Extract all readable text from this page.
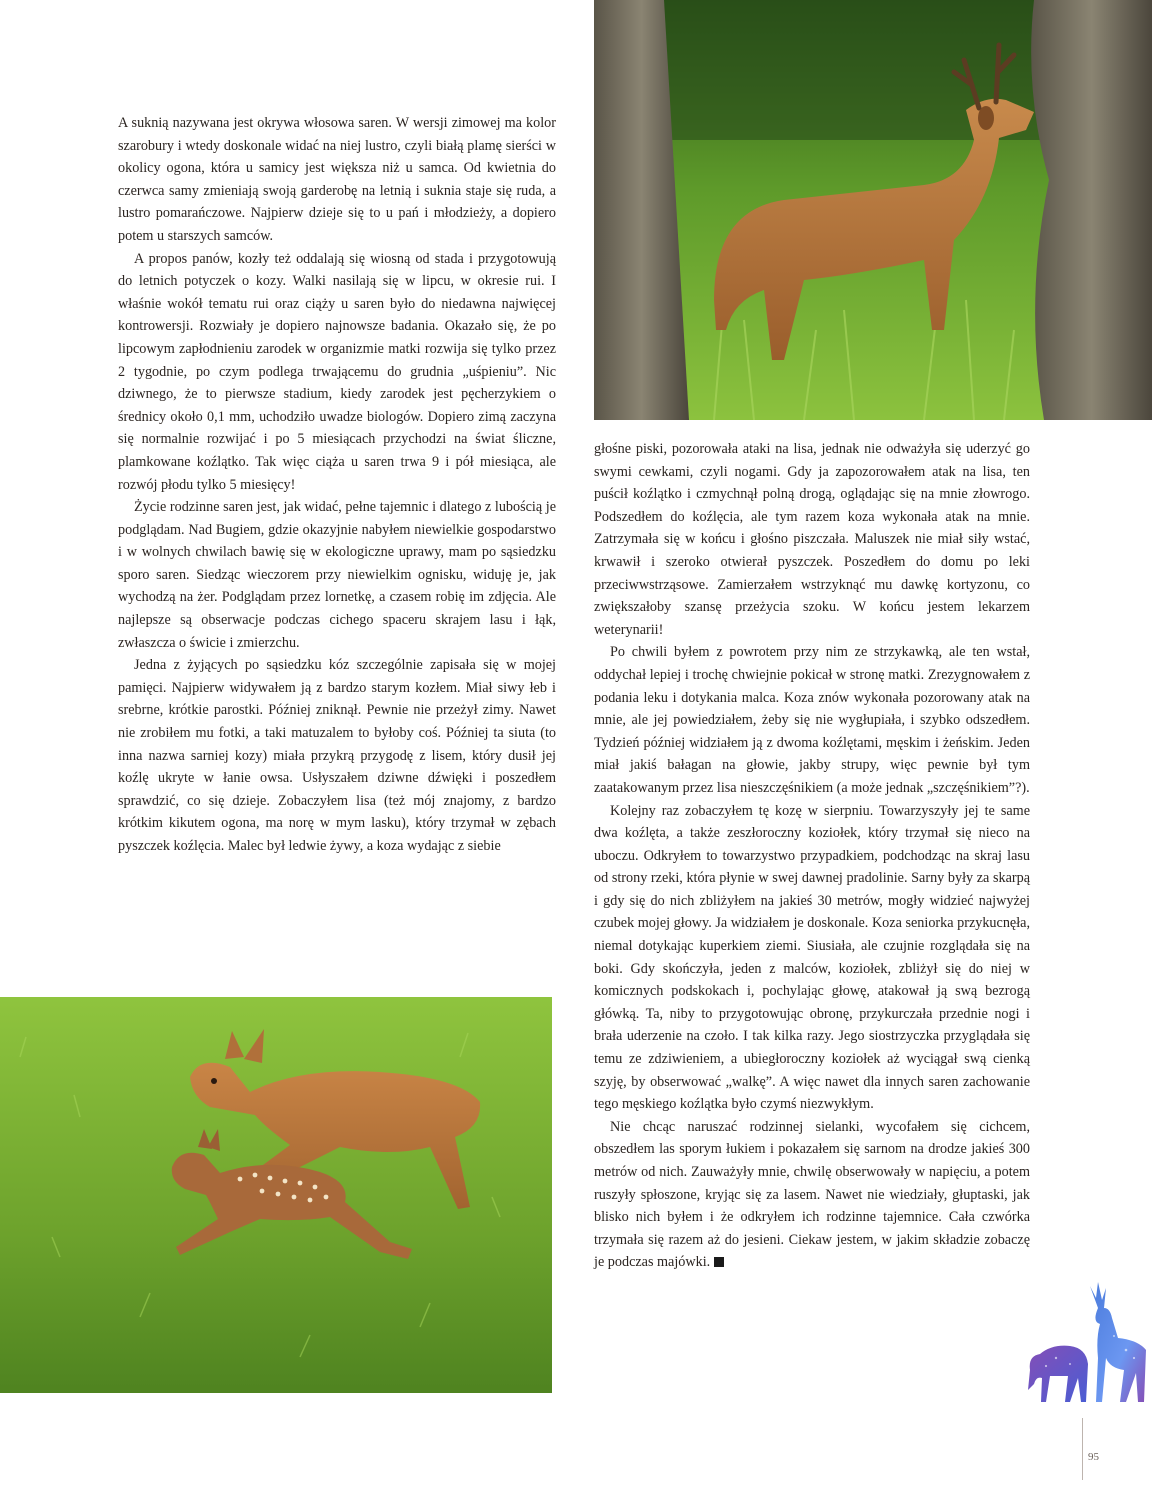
A suknią nazywana jest okrywa włosowa saren. W wersji zimowej ma kolor szarobury i wtedy doskonale widać na niej lustro, czyli białą plamę sierści w okolicy ogona, która u samicy jest większa niż u samca. Od kwietnia do czerwca samy zmieniają swoją garderobę na letnią i suknia staje się ruda, a lustro pomarańczowe. Najpierw dzieje się to u pań i młodzieży, a dopiero potem u starszych samców.

A propos panów, kozły też oddalają się wiosną od stada i przygotowują do letnich potyczek o kozy. Walki nasilają się w lipcu, w okresie rui. I właśnie wokół tematu rui oraz ciąży u saren było do niedawna najwięcej kontrowersji. Rozwiały je dopiero najnowsze badania. Okazało się, że po lipcowym zapłodnieniu zarodek w organizmie matki rozwija się tylko przez 2 tygodnie, po czym podlega trwającemu do grudnia „uśpieniu”. Nic dziwnego, że to pierwsze stadium, kiedy zarodek jest pęcherzykiem o średnicy około 0,1 mm, uchodziło uwadze biologów. Dopiero zimą zaczyna się normalnie rozwijać i po 5 miesiącach przychodzi na świat śliczne, plamkowane koźlątko. Tak więc ciąża u saren trwa 9 i pół miesiąca, ale rozwój płodu tylko 5 miesięcy!

Życie rodzinne saren jest, jak widać, pełne tajemnic i dlatego z lubością je podglądam. Nad Bugiem, gdzie okazyjnie nabyłem niewielkie gospodarstwo i w wolnych chwilach bawię się w ekologiczne uprawy, mam po sąsiedzku sporo saren. Siedząc wieczorem przy niewielkim ognisku, widuję je, jak wychodzą na żer. Podglądam przez lornetkę, a czasem robię im zdjęcia. Ale najlepsze są obserwacje podczas cichego spaceru skrajem lasu i łąk, zwłaszcza o świcie i zmierzchu.

Jedna z żyjących po sąsiedzku kóz szczególnie zapisała się w mojej pamięci. Najpierw widywałem ją z bardzo starym kozłem. Miał siwy łeb i srebrne, krótkie parostki. Później zniknął. Pewnie nie przeżył zimy. Nawet nie zrobiłem mu fotki, a taki matuzalem to byłoby coś. Później ta siuta (to inna nazwa sarniej kozy) miała przykrą przygodę z lisem, który dusił jej koźlę ukryte w łanie owsa. Usłyszałem dziwne dźwięki i poszedłem sprawdzić, co się dzieje. Zobaczyłem lisa (też mój znajomy, z bardzo krótkim kikutem ogona, ma norę w mym lasku), który trzymał w zębach pyszczek koźlęcia. Malec był ledwie żywy, a koza wydając z siebie

głośne piski, pozorowała ataki na lisa, jednak nie odważyła się uderzyć go swymi cewkami, czyli nogami. Gdy ja zapozorowałem atak na lisa, ten puścił koźlątko i czmychnął polną drogą, oglądając się na mnie złowrogo. Podszedłem do koźlęcia, ale tym razem koza wykonała atak na mnie. Zatrzymała się w końcu i głośno piszczała. Maluszek nie miał siły wstać, krwawił i szeroko otwierał pyszczek. Poszedłem do domu po leki przeciwwstrząsowe. Zamierzałem wstrzyknąć mu dawkę kortyzonu, co zwiększałoby szansę przeżycia szoku. W końcu jestem lekarzem weterynarii!

Po chwili byłem z powrotem przy nim ze strzykawką, ale ten wstał, oddychał lepiej i trochę chwiejnie pokicał w stronę matki. Zrezygnowałem z podania leku i dotykania malca. Koza znów wykonała pozorowany atak na mnie, ale jej powiedziałem, żeby się nie wygłupiała, i szybko odszedłem. Tydzień później widziałem ją z dwoma koźlętami, męskim i żeńskim. Jeden miał jakiś bałagan na głowie, jakby strupy, więc pewnie był tym zaatakowanym przez lisa nieszczęśnikiem (a może jednak „szczęśnikiem”?).

Kolejny raz zobaczyłem tę kozę w sierpniu. Towarzyszyły jej te same dwa koźlęta, a także zeszłoroczny koziołek, który trzymał się nieco na uboczu. Odkryłem to towarzystwo przypadkiem, podchodząc na skraj lasu od strony rzeki, która płynie w swej dawnej pradolinie. Sarny były za skarpą i gdy się do nich zbliżyłem na jakieś 30 metrów, mogły widzieć najwyżej czubek mojej głowy. Ja widziałem je doskonale. Koza seniorka przykucnęła, niemal dotykając kuperkiem ziemi. Siusiała, ale czujnie rozglądała się na boki. Gdy skończyła, jeden z malców, koziołek, zbliżył się do niej w komicznych podskokach i, pochylając głowę, atakował ją swą bezrogą główką. Ta, niby to przygotowując obronę, przykurczała przednie nogi i brała uderzenie na czoło. I tak kilka razy. Jego siostrzyczka przyglądała się temu ze zdziwieniem, a ubiegłoroczny koziołek aż wyciągał swą cienką szyję, by obserwować „walkę”. A więc nawet dla innych saren zachowanie tego męskiego koźlątka było czymś niezwykłym.

Nie chcąc naruszać rodzinnej sielanki, wycofałem się cichcem, obszedłem las sporym łukiem i pokazałem się sarnom na drodze jakieś 300 metrów od nich. Zauważyły mnie, chwilę obserwowały w napięciu, a potem ruszyły spłoszone, kryjąc się za lasem. Nawet nie wiedziały, głuptaski, jak blisko nich byłem i że odkryłem ich rodzinne tajemnice. Cała czwórka trzymała się razem aż do jesieni. Ciekaw jestem, w jakim składzie zobaczę je podczas majówki.

95
